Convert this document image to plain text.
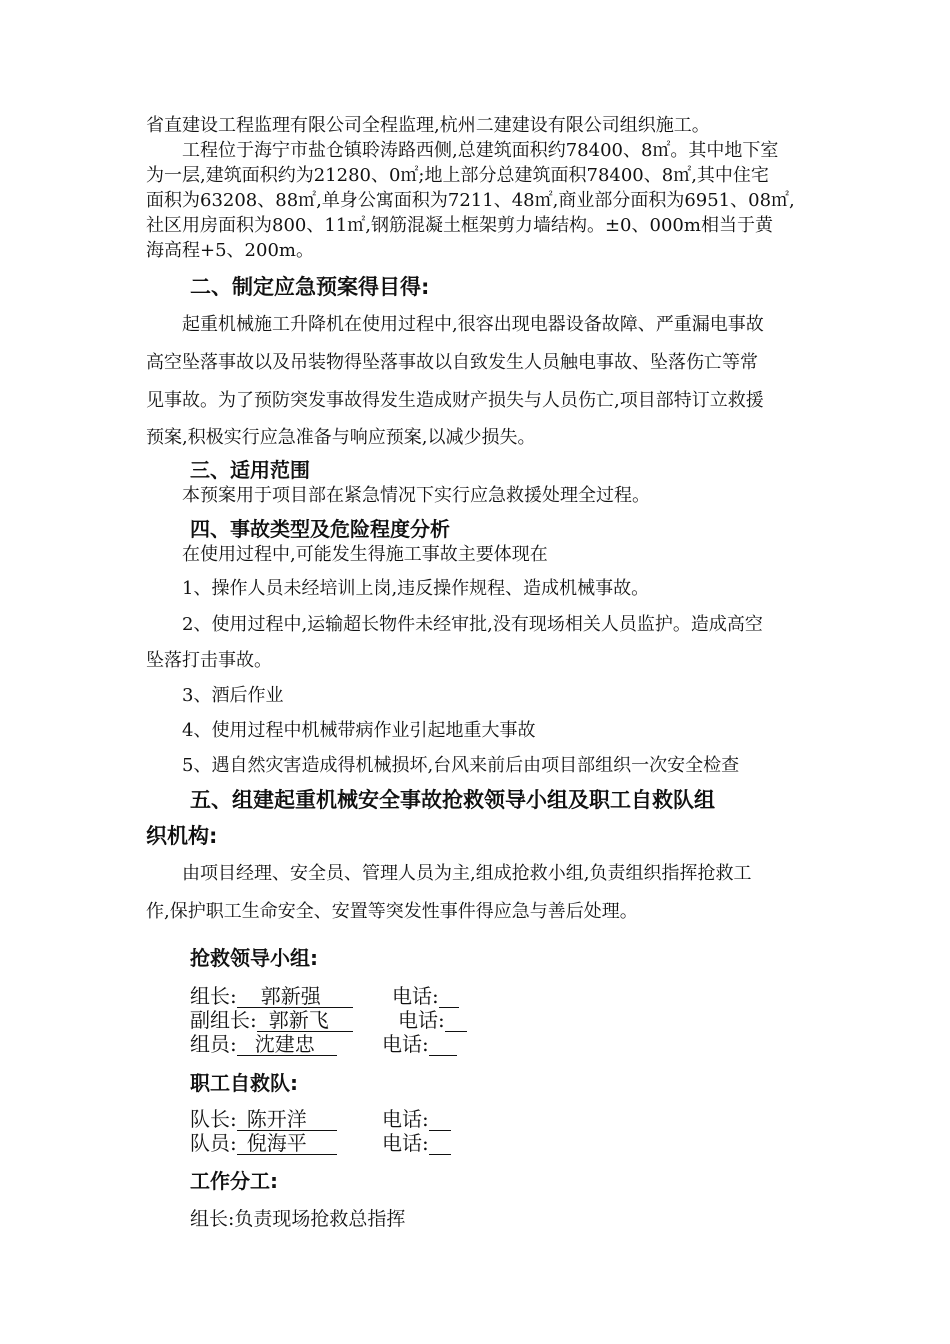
省直建设工程监理有限公司全程监理,杭州二建建设有限公司组织施工。

工程位于海宁市盐仓镇聆涛路西侧,总建筑面积约78400、8㎡。其中地下室

为一层,建筑面积约为21280、0㎡;地上部分总建筑面积78400、8㎡,其中住宅

面积为63208、88㎡,单身公寓面积为7211、48㎡,商业部分面积为6951、08㎡,

社区用房面积为800、11㎡,钢筋混凝土框架剪力墙结构。±0、000m相当于黄

海高程+5、200m。

二、制定应急预案得目得:

起重机械施工升降机在使用过程中,很容出现电器设备故障、严重漏电事故

高空坠落事故以及吊装物得坠落事故以自致发生人员触电事故、坠落伤亡等常

见事故。为了预防突发事故得发生造成财产损失与人员伤亡,项目部特订立救援

预案,积极实行应急准备与响应预案,以减少损失。

三、适用范围

本预案用于项目部在紧急情况下实行应急救援处理全过程。

四、事故类型及危险程度分析

在使用过程中,可能发生得施工事故主要体现在

1、操作人员未经培训上岗,违反操作规程、造成机械事故。

2、使用过程中,运输超长物件未经审批,没有现场相关人员监护。造成高空

坠落打击事故。

3、酒后作业

4、使用过程中机械带病作业引起地重大事故

5、遇自然灾害造成得机械损坏,台风来前后由项目部组织一次安全检查

五、组建起重机械安全事故抢救领导小组及职工自救队组
织机构:

由项目经理、安全员、管理人员为主,组成抢救小组,负责组织指挥抢救工

作,保护职工生命安全、安置等突发性事件得应急与善后处理。

抢救领导小组:

组长: 郭新强	电话:

副组长: 郭新飞	电话:

组员: 沈建忠	电话:

职工自救队:

队长: 陈开洋	电话:

队员: 倪海平	电话:

工作分工:

组长:负责现场抢救总指挥
